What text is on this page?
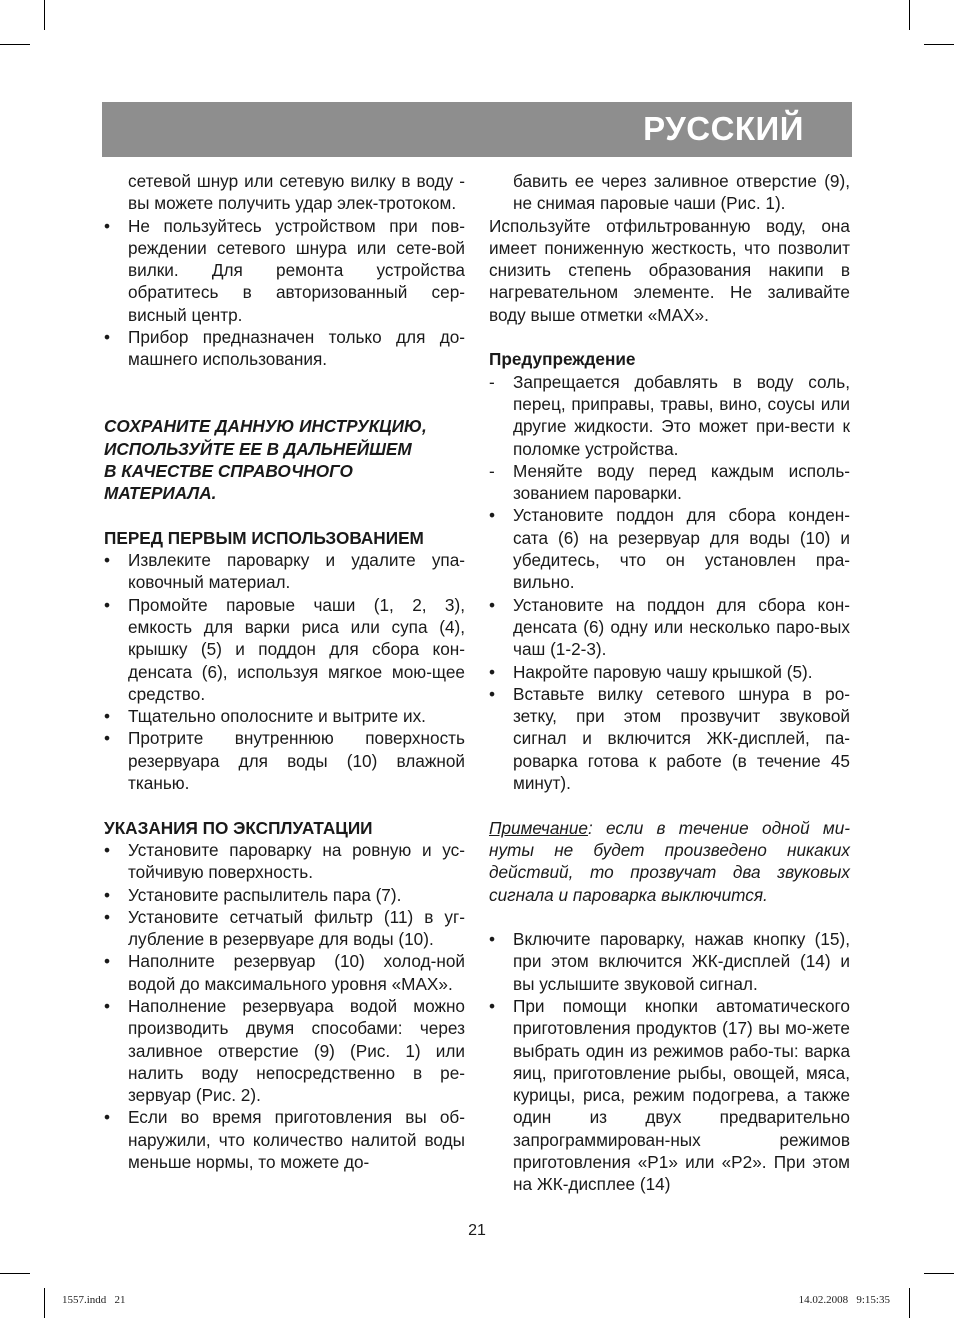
РУССКИЙ

сетевой шнур или сетевую вилку в воду - вы можете получить удар элек-тротоком.

•	Не пользуйтесь устройством при пов-реждении сетевого шнура или сете-вой вилки. Для ремонта устройства обратитесь в авторизованный сер-висный центр.
•	Прибор предназначен только для до-машнего использования.

СОХРАНИТЕ ДАННУЮ ИНСТРУКЦИЮ,

ИСПОЛЬЗУЙТЕ ЕЕ В ДАЛЬНЕЙШЕМ

В КАЧЕСТВЕ СПРАВОЧНОГО

МАТЕРИАЛА.

ПЕРЕД ПЕРВЫМ ИСПОЛЬЗОВАНИЕМ

•	Извлеките пароварку и удалите упа-ковочный материал.
•	Промойте паровые чаши (1, 2, 3), емкость для варки риса или супа (4), крышку (5) и поддон для сбора кон-денсата (6), используя мягкое мою-щее средство.
•	Тщательно ополосните и вытрите их.
•	Протрите внутреннюю поверхность резервуара для воды (10) влажной тканью.

УКАЗАНИЯ ПО ЭКСПЛУАТАЦИИ

•	Установите пароварку на ровную и ус-тойчивую поверхность.
•	Установите распылитель пара (7).
•	Установите сетчатый фильтр (11) в уг-лубление в резервуаре для воды (10).
•	Наполните резервуар (10) холод-ной водой до максимального уровня «MAX».
•	Наполнение резервуара водой можно производить двумя способами: через заливное отверстие (9) (Рис. 1) или налить воду непосредственно в ре-зервуар (Рис. 2).
•	Если во время приготовления вы об-наружили, что количество налитой воды меньше нормы, то можете до-

бавить ее через заливное отверстие (9), не снимая паровые чаши (Рис. 1).

Используйте отфильтрованную воду, она имеет пониженную жесткость, что позволит снизить степень образования накипи в нагревательном элементе. Не заливайте воду выше отметки «MAX».

Предупреждение

-	Запрещается добавлять в воду соль, перец, приправы, травы, вино, соусы или другие жидкости. Это может при-вести к поломке устройства.
-	Меняйте воду перед каждым исполь-зованием пароварки.
•	Установите поддон для сбора конден-сата (6) на резервуар для воды (10) и убедитесь, что он установлен пра-вильно.
•	Установите на поддон для сбора кон-денсата (6) одну или несколько паро-вых чаш (1-2-3).
•	Накройте паровую чашу крышкой (5).
•	Вставьте вилку сетевого шнура в ро-зетку, при этом прозвучит звуковой сигнал и включится ЖК-дисплей, па-роварка готова к работе (в течение 45 минут).

Примечание: если в течение одной ми-нуты не будет произведено никаких действий, то прозвучат два звуковых сигнала и пароварка выключится.

•	Включите пароварку, нажав кнопку (15), при этом включится ЖК-дисплей (14) и вы услышите звуковой сигнал.
•	При помощи кнопки автоматического приготовления продуктов (17) вы мо-жете выбрать один из режимов рабо-ты: варка яиц, приготовление рыбы, овощей, мяса, курицы, риса, режим подогрева, а также один из двух предварительно запрограммирован-ных режимов приготовления «P1» или «P2». При этом на ЖК-дисплее (14)
21
1557.indd   21	14.02.2008   9:15:35
